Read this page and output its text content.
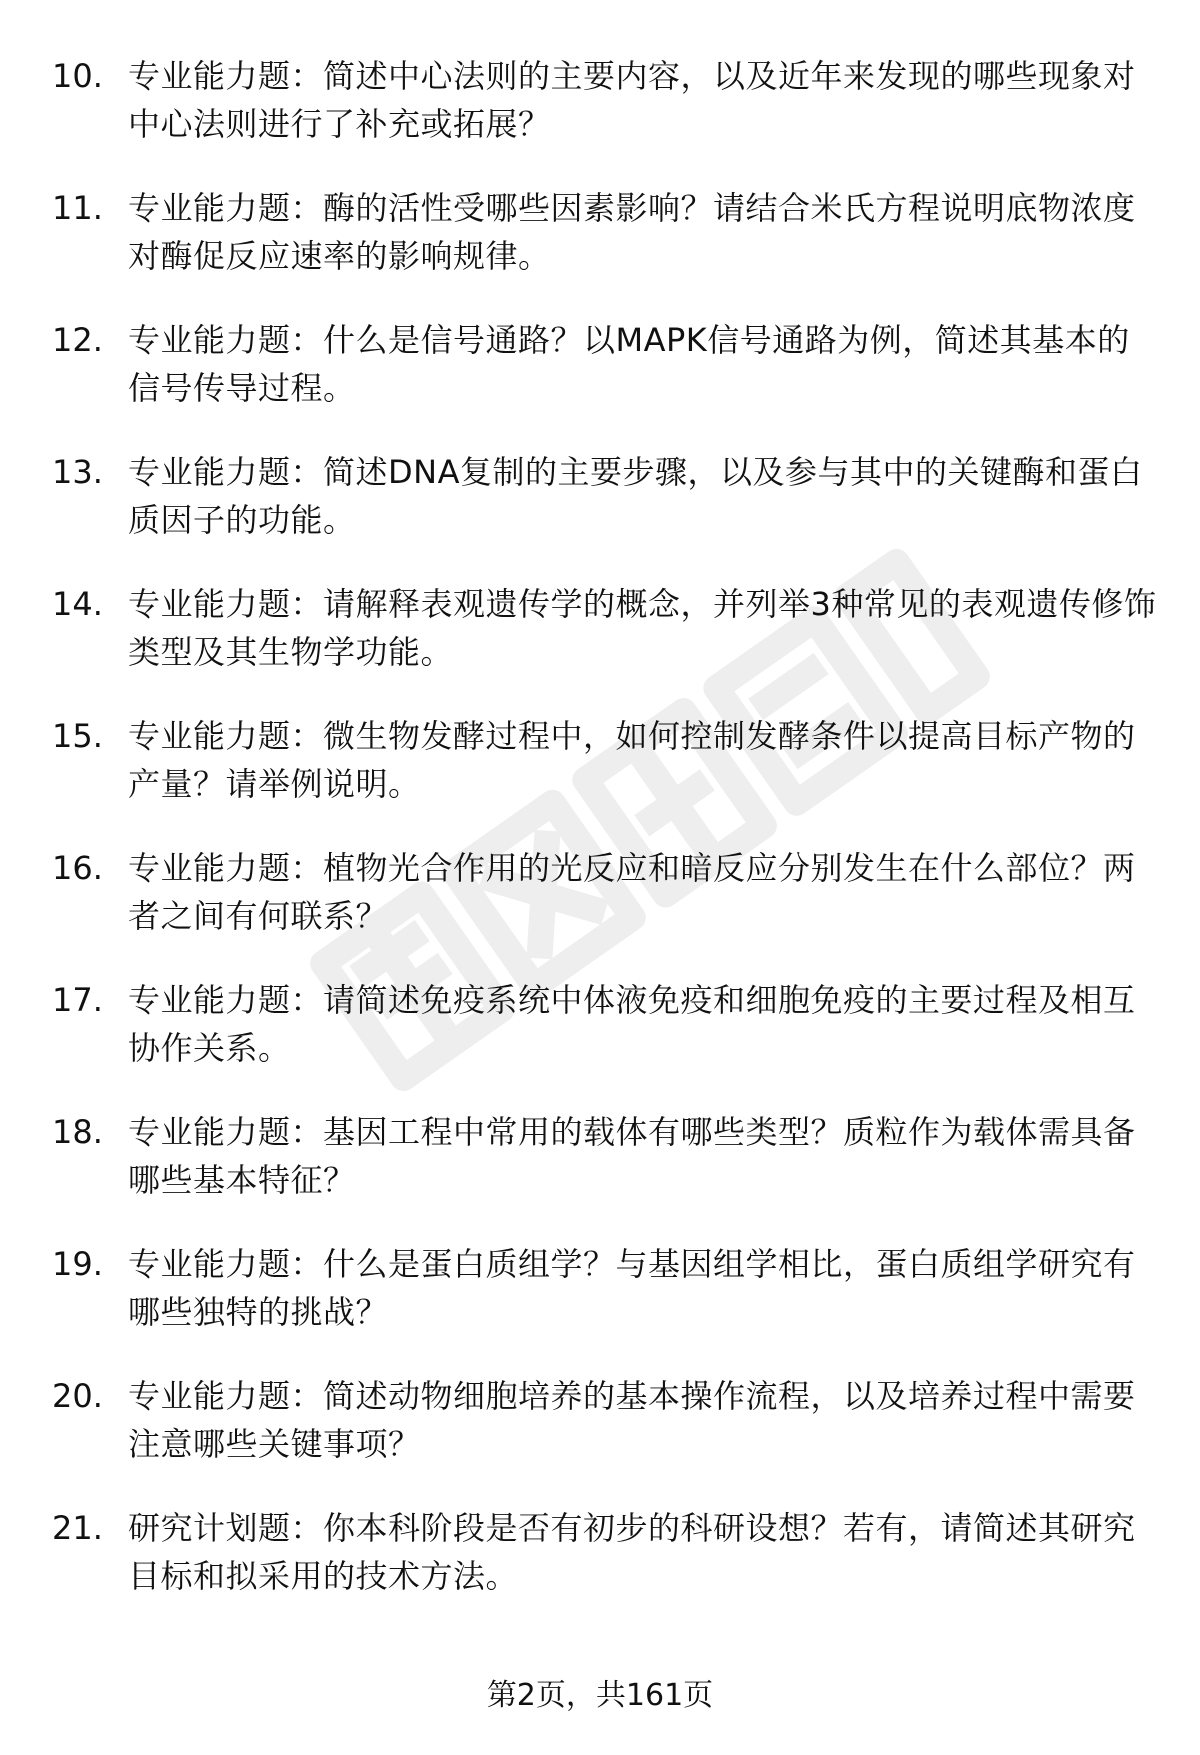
10. 专业能力题：简述中心法则的主要内容，以及近年来发现的哪些现象对中心法则进行了补充或拓展？
11. 专业能力题：酶的活性受哪些因素影响？请结合米氏方程说明底物浓度对酶促反应速率的影响规律。
12. 专业能力题：什么是信号通路？以MAPK信号通路为例，简述其基本的信号传导过程。
13. 专业能力题：简述DNA复制的主要步骤，以及参与其中的关键酶和蛋白质因子的功能。
14. 专业能力题：请解释表观遗传学的概念，并列举3种常见的表观遗传修饰类型及其生物学功能。
15. 专业能力题：微生物发酵过程中，如何控制发酵条件以提高目标产物的产量？请举例说明。
16. 专业能力题：植物光合作用的光反应和暗反应分别发生在什么部位？两者之间有何联系？
17. 专业能力题：请简述免疫系统中体液免疫和细胞免疫的主要过程及相互协作关系。
18. 专业能力题：基因工程中常用的载体有哪些类型？质粒作为载体需具备哪些基本特征？
19. 专业能力题：什么是蛋白质组学？与基因组学相比，蛋白质组学研究有哪些独特的挑战？
20. 专业能力题：简述动物细胞培养的基本操作流程，以及培养过程中需要注意哪些关键事项？
21. 研究计划题：你本科阶段是否有初步的科研设想？若有，请简述其研究目标和拟采用的技术方法。
第2页，共161页
